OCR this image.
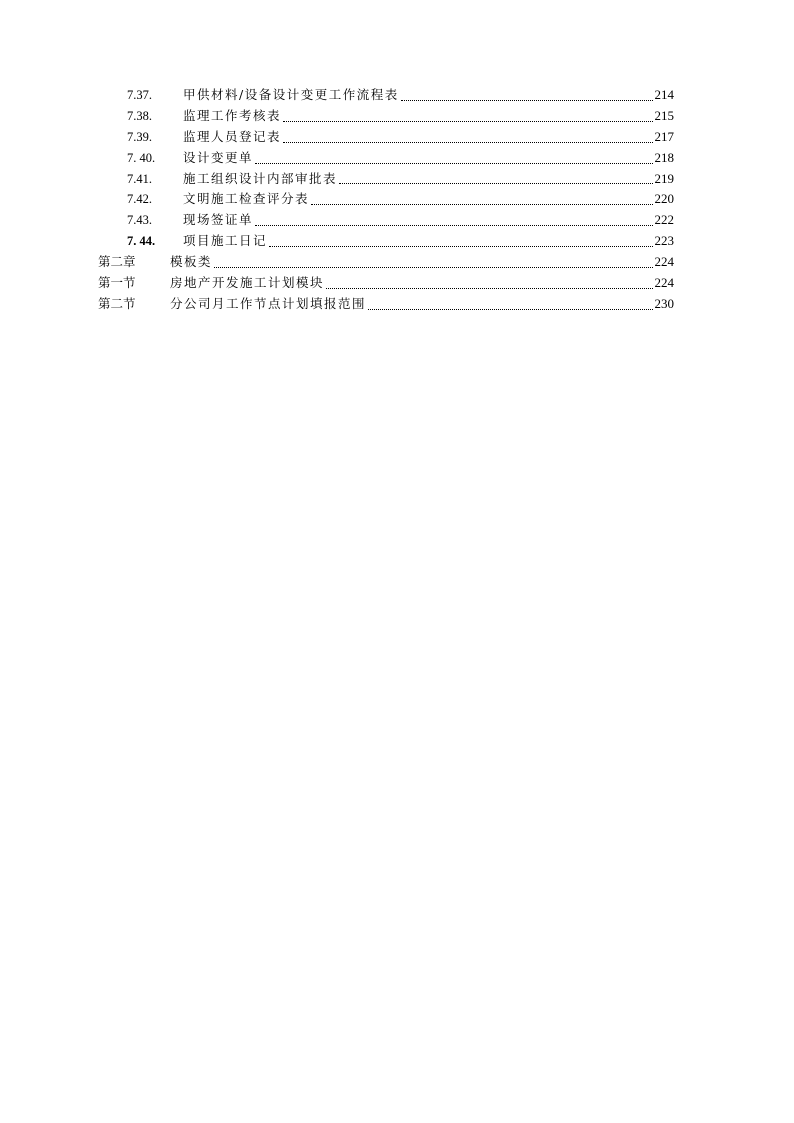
7.37.	甲供材料/设备设计变更工作流程表	214
7.38.	监理工作考核表	215
7.39.	监理人员登记表	217
7. 40.	设计变更单	218
7.41.	施工组织设计内部审批表	219
7.42.	文明施工检查评分表	220
7.43.	现场签证单	222
7. 44.	项目施工日记	223
第二章	模板类	224
第一节	房地产开发施工计划模块	224
第二节	分公司月工作节点计划填报范围	230
